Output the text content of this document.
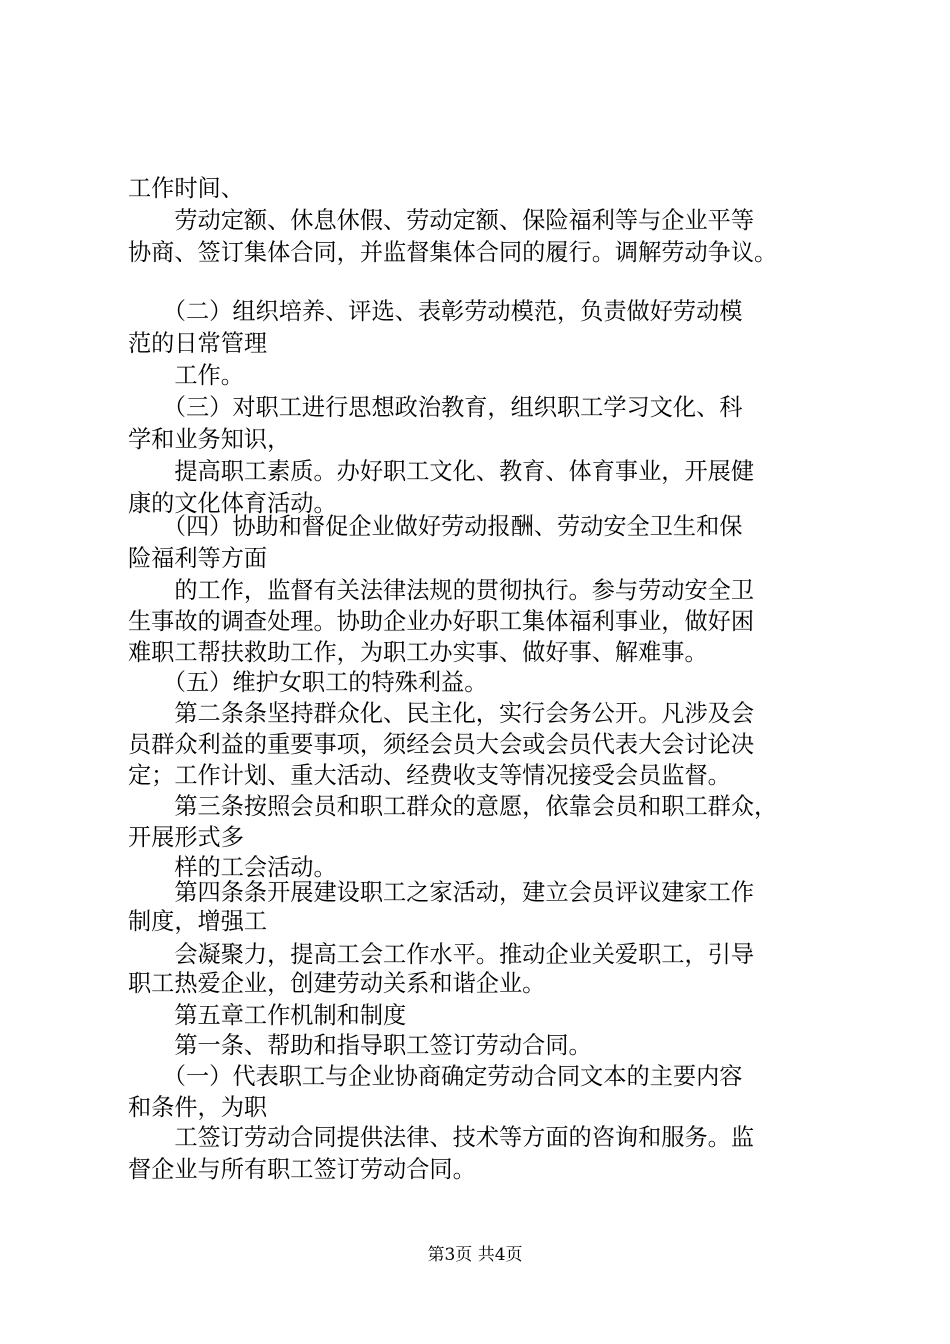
工作时间、
　　劳动定额、休息休假、劳动定额、保险福利等与企业平等
协商、签订集体合同，并监督集体合同的履行。调解劳动争议。
　　（二）组织培养、评选、表彰劳动模范，负责做好劳动模
范的日常管理
　　工作。
　　（三）对职工进行思想政治教育，组织职工学习文化、科
学和业务知识，
　　提高职工素质。办好职工文化、教育、体育事业，开展健
康的文化体育活动。
　　（四）协助和督促企业做好劳动报酬、劳动安全卫生和保
险福利等方面
　　的工作，监督有关法律法规的贯彻执行。参与劳动安全卫
生事故的调查处理。协助企业办好职工集体福利事业，做好困
难职工帮扶救助工作，为职工办实事、做好事、解难事。
　　（五）维护女职工的特殊利益。
　　第二条条坚持群众化、民主化，实行会务公开。凡涉及会
员群众利益的重要事项，须经会员大会或会员代表大会讨论决
定；工作计划、重大活动、经费收支等情况接受会员监督。
　　第三条按照会员和职工群众的意愿，依靠会员和职工群众，
开展形式多
　　样的工会活动。
　　第四条条开展建设职工之家活动，建立会员评议建家工作
制度，增强工
　　会凝聚力，提高工会工作水平。推动企业关爱职工，引导
职工热爱企业，创建劳动关系和谐企业。
　　第五章工作机制和制度
　　第一条、帮助和指导职工签订劳动合同。
　　（一）代表职工与企业协商确定劳动合同文本的主要内容
和条件，为职
　　工签订劳动合同提供法律、技术等方面的咨询和服务。监
督企业与所有职工签订劳动合同。
第3页 共4页
